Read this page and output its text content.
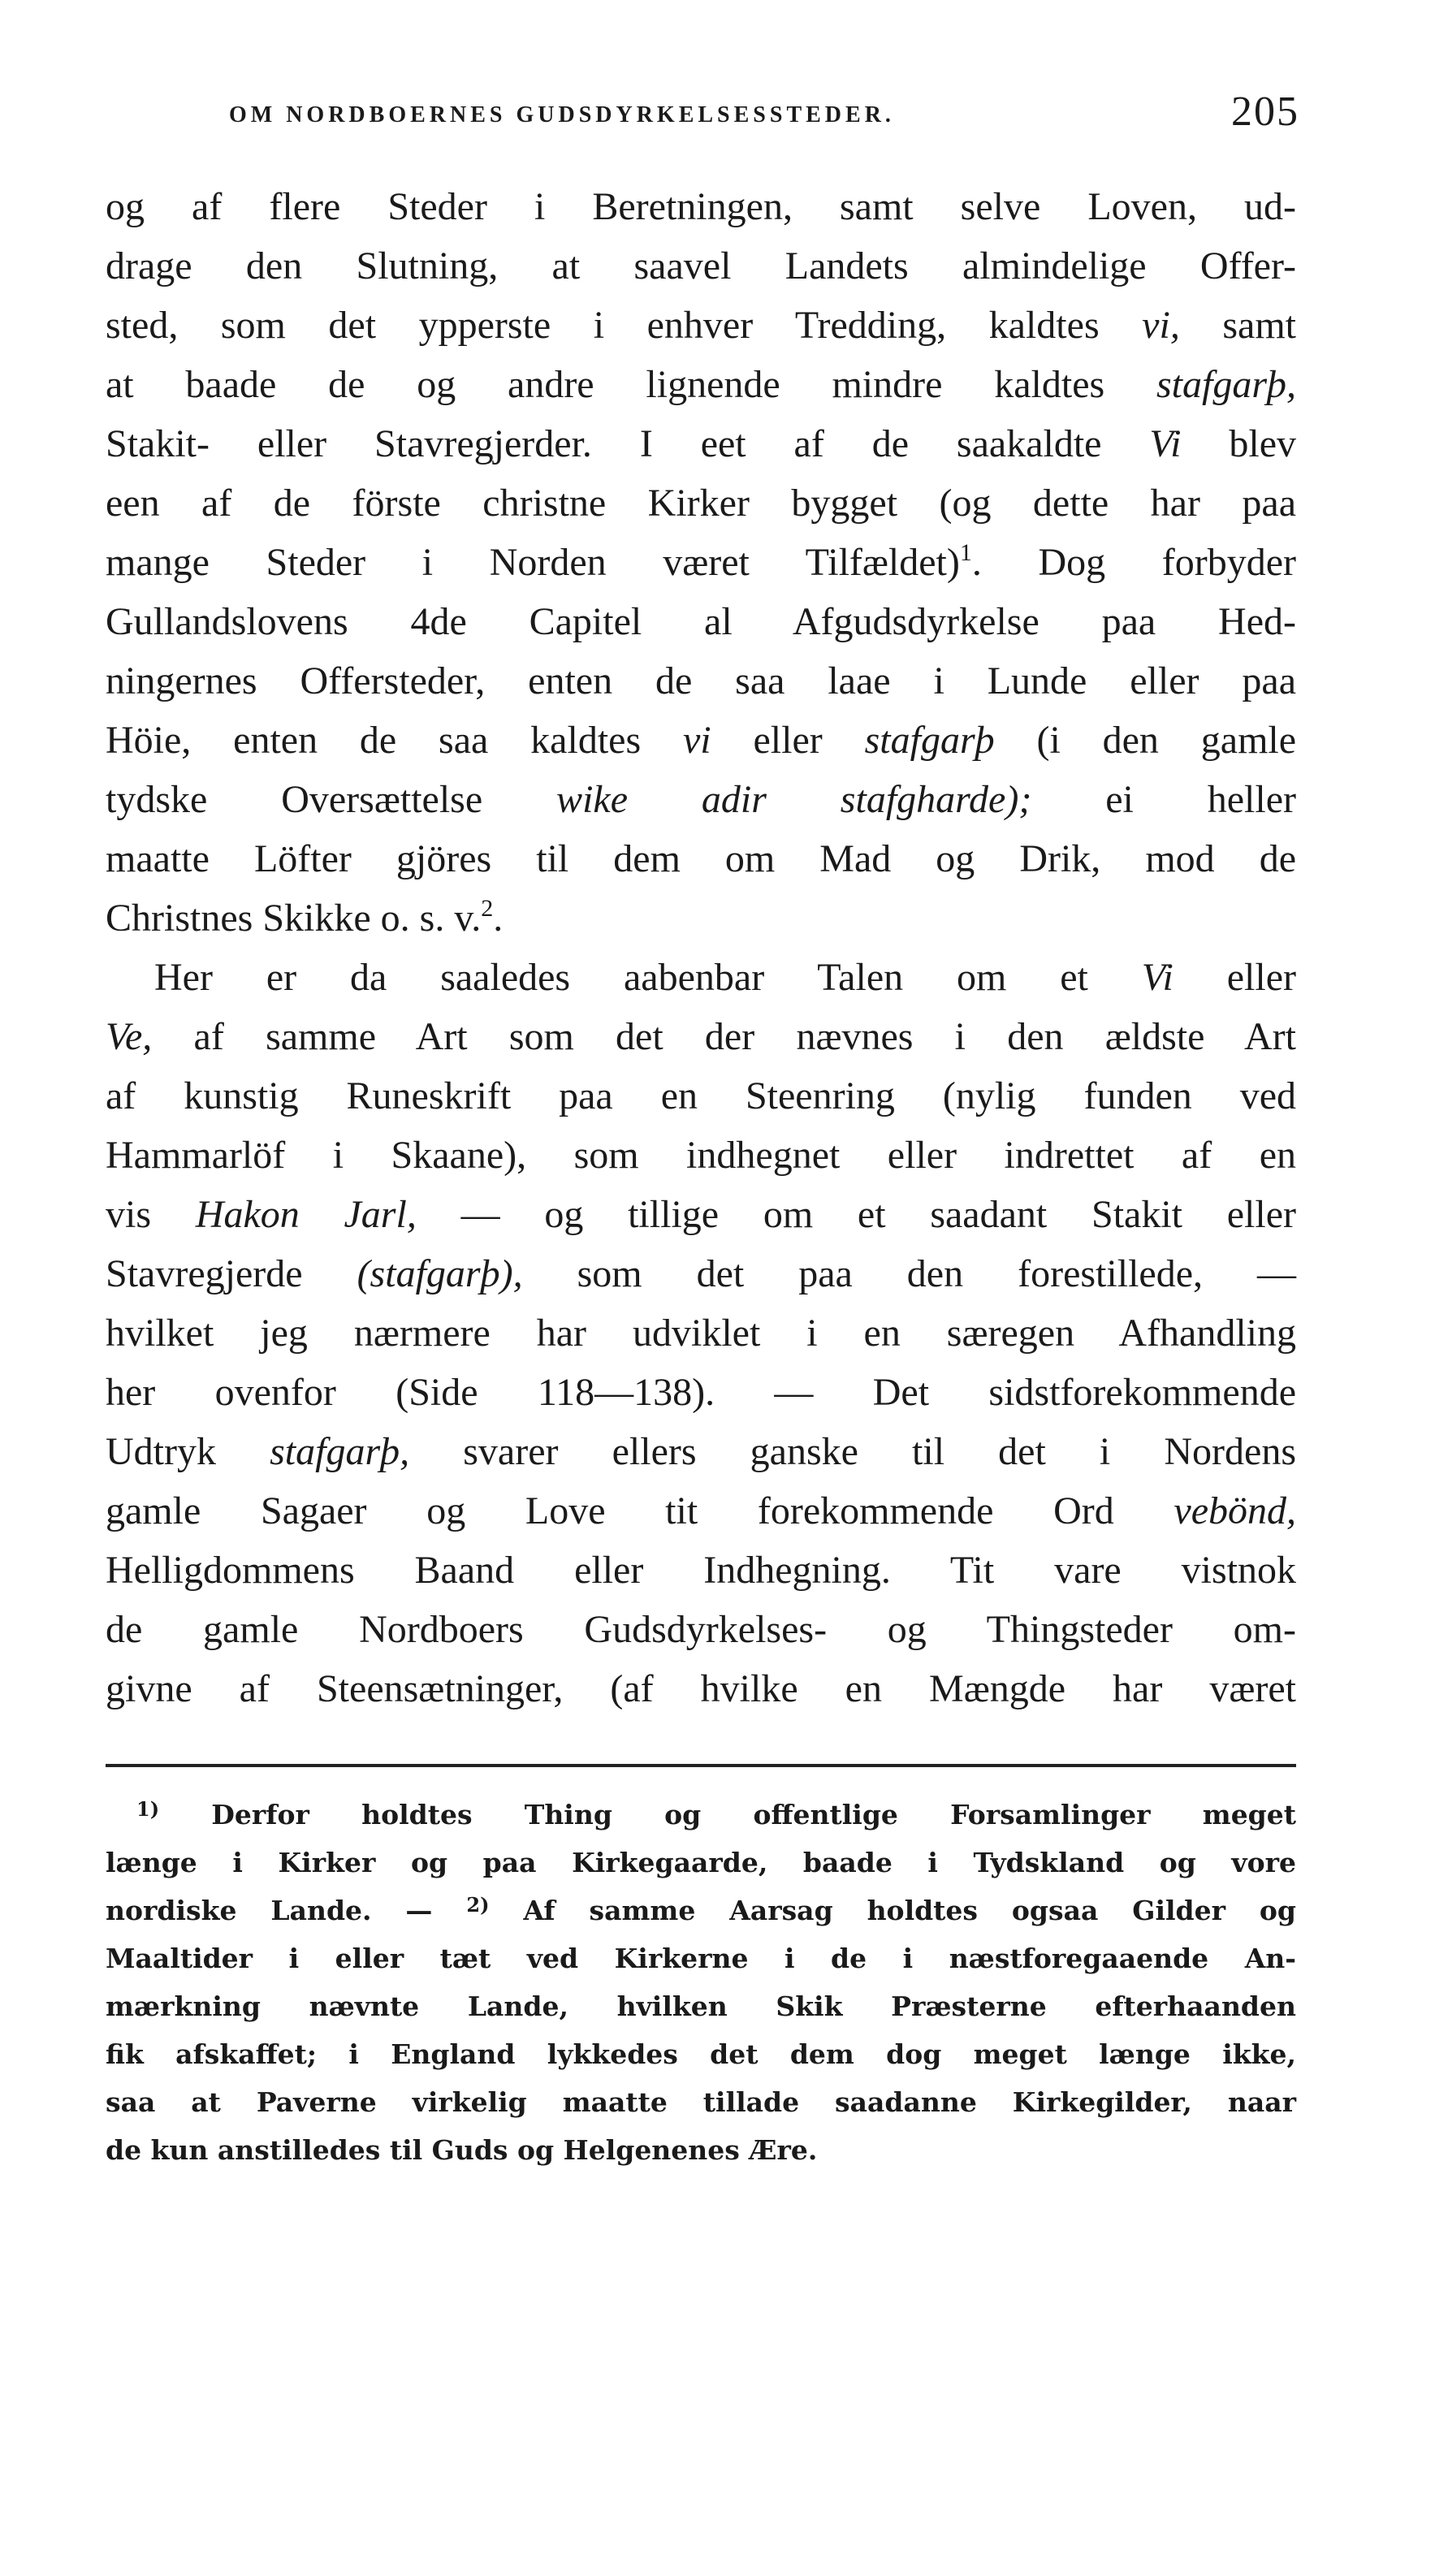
OM NORDBOERNES GUDSDYRKELSESSTEDER.	205
og af flere Steder i Beretningen, samt selve Loven, ud-
drage den Slutning, at saavel Landets almindelige Offer-
sted, som det ypperste i enhver Tredding, kaldtes vi, samt
at baade de og andre lignende mindre kaldtes stafgarþ,
Stakit- eller Stavregjerder. I eet af de saakaldte Vi blev
een af de förste christne Kirker bygget (og dette har paa
mange Steder i Norden været Tilfældet)$^1$. Dog forbyder
Gullandslovens 4de Capitel al Afgudsdyrkelse paa Hed-
ningernes Offersteder, enten de saa laae i Lunde eller paa
Höie, enten de saa kaldtes vi eller stafgarþ (i den gamle
tydske Oversættelse wike adir stafgharde); ei heller
maatte Löfter gjöres til dem om Mad og Drik, mod de
Christnes Skikke o. s. v.$^2$.
Her er da saaledes aabenbar Talen om et Vi eller
Ve, af samme Art som det der nævnes i den ældste Art
af kunstig Runeskrift paa en Steenring (nylig funden ved
Hammarlöf i Skaane), som indhegnet eller indrettet af en
vis Hakon Jarl, — og tillige om et saadant Stakit eller
Stavregjerde (stafgarþ), som det paa den forestillede, —
hvilket jeg nærmere har udviklet i en særegen Afhandling
her ovenfor (Side 118—138). — Det sidstforekommende
Udtryk stafgarþ, svarer ellers ganske til det i Nordens
gamle Sagaer og Love tit forekommende Ord vebönd,
Helligdommens Baand eller Indhegning. Tit vare vistnok
de gamle Nordboers Gudsdyrkelses- og Thingsteder om-
givne af Steensætninger, (af hvilke en Mængde har været
$^{1)}$ Derfor holdtes Thing og offentlige Forsamlinger meget
længe i Kirker og paa Kirkegaarde, baade i Tydskland og vore
nordiske Lande. — $^{2)}$ Af samme Aarsag holdtes ogsaa Gilder og
Maaltider i eller tæt ved Kirkerne i de i næstforegaaende An-
mærkning nævnte Lande, hvilken Skik Præsterne efterhaanden
fik afskaffet; i England lykkedes det dem dog meget længe ikke,
saa at Paverne virkelig maatte tillade saadanne Kirkegilder, naar
de kun anstilledes til Guds og Helgenenes Ære.
